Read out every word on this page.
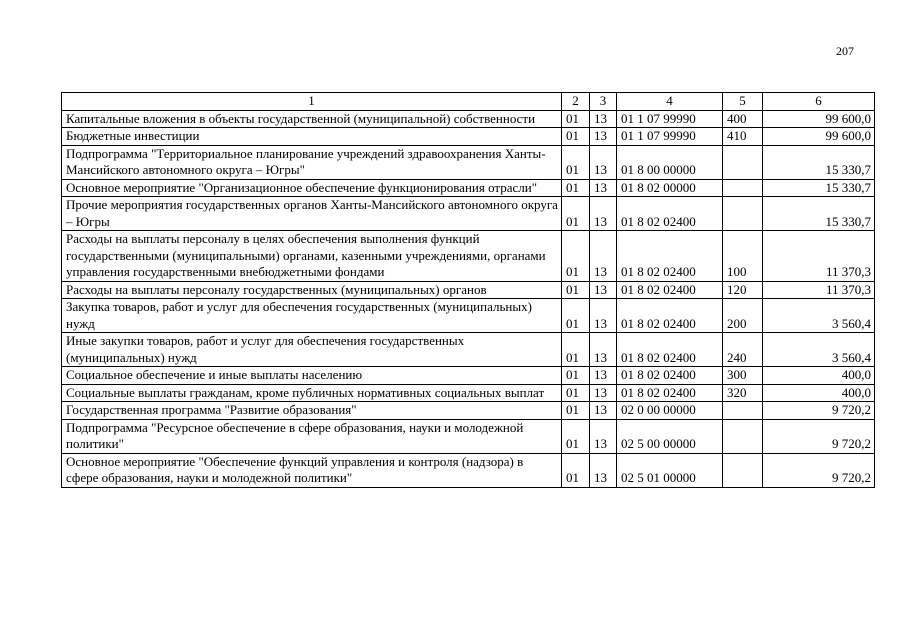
207
1	2	3	4	5	6
Капитальные вложения в объекты государственной (муниципальной) собственности	01	13	01 1 07 99990	400	99 600,0
Бюджетные инвестиции	01	13	01 1 07 99990	410	99 600,0
Подпрограмма "Территориальное планирование учреждений здравоохранения Ханты-Мансийского автономного округа – Югры"	01	13	01 8 00 00000		15 330,7
Основное мероприятие "Организационное обеспечение функционирования отрасли"	01	13	01 8 02 00000		15 330,7
Прочие мероприятия государственных органов Ханты-Мансийского автономного округа – Югры	01	13	01 8 02 02400		15 330,7
Расходы на выплаты персоналу в целях обеспечения выполнения функций государственными (муниципальными) органами, казенными учреждениями, органами управления государственными внебюджетными фондами	01	13	01 8 02 02400	100	11 370,3
Расходы на выплаты персоналу государственных (муниципальных) органов	01	13	01 8 02 02400	120	11 370,3
Закупка товаров, работ и услуг для обеспечения государственных (муниципальных) нужд	01	13	01 8 02 02400	200	3 560,4
Иные закупки товаров, работ и услуг для обеспечения государственных (муниципальных) нужд	01	13	01 8 02 02400	240	3 560,4
Социальное обеспечение и иные выплаты населению	01	13	01 8 02 02400	300	400,0
Социальные выплаты гражданам, кроме публичных нормативных социальных выплат	01	13	01 8 02 02400	320	400,0
Государственная программа "Развитие образования"	01	13	02 0 00 00000		9 720,2
Подпрограмма "Ресурсное обеспечение в сфере образования, науки и молодежной политики"	01	13	02 5 00 00000		9 720,2
Основное мероприятие "Обеспечение функций управления и контроля (надзора) в сфере образования, науки и молодежной политики"	01	13	02 5 01 00000		9 720,2
